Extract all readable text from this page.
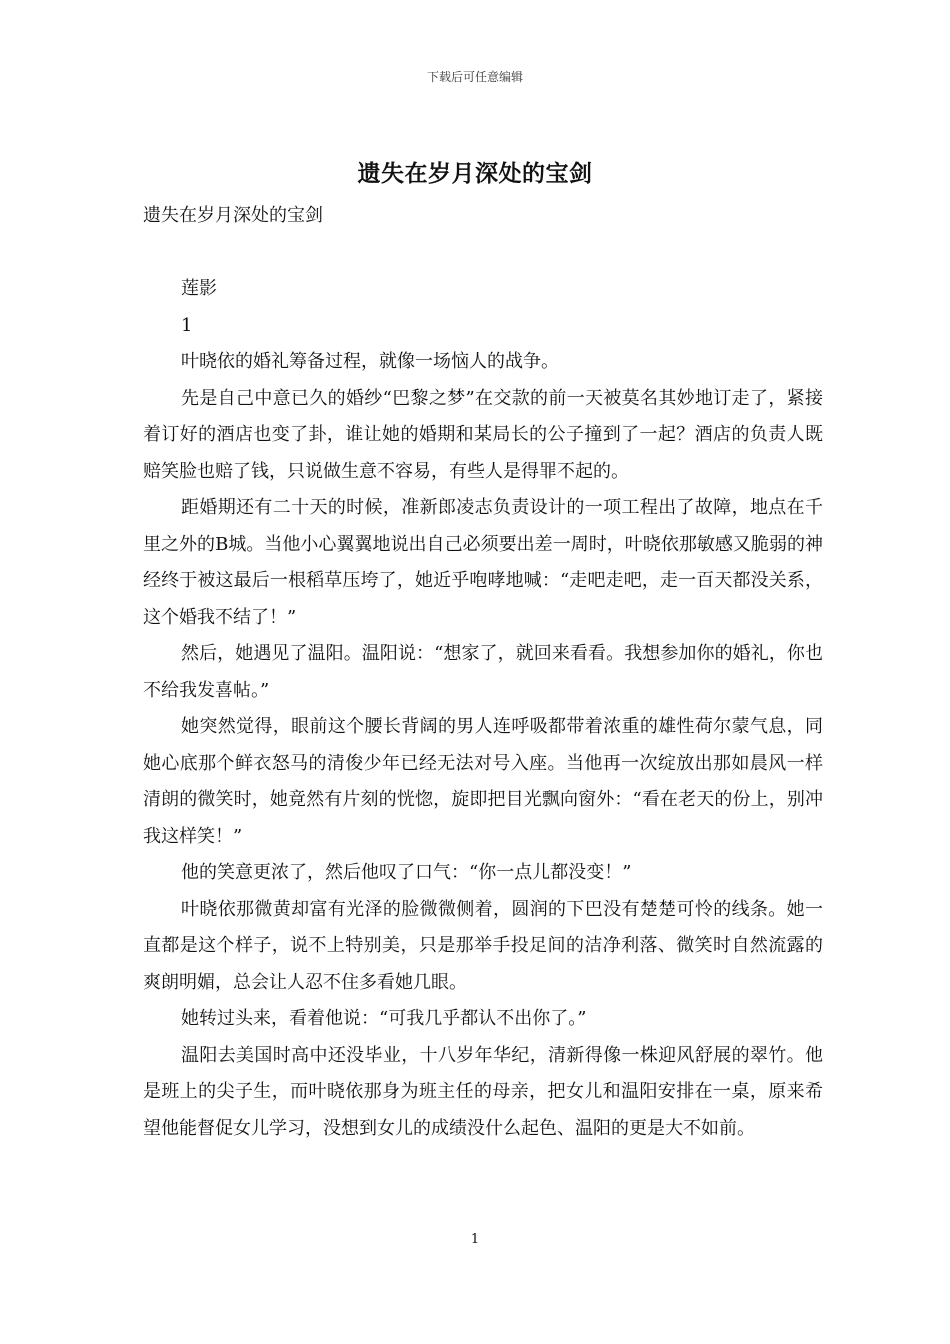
下载后可任意编辑
遗失在岁月深处的宝剑

遗失在岁月深处的宝剑

莲影

1

叶晓依的婚礼筹备过程，就像一场恼人的战争。

先是自己中意已久的婚纱“巴黎之梦”在交款的前一天被莫名其妙地订走了，紧接着订好的酒店也变了卦，谁让她的婚期和某局长的公子撞到了一起？酒店的负责人既赔笑脸也赔了钱，只说做生意不容易，有些人是得罪不起的。

距婚期还有二十天的时候，准新郎凌志负责设计的一项工程出了故障，地点在千里之外的B城。当他小心翼翼地说出自己必须要出差一周时，叶晓依那敏感又脆弱的神经终于被这最后一根稻草压垮了，她近乎咆哮地喊：“走吧走吧，走一百天都没关系，这个婚我不结了！”

然后，她遇见了温阳。温阳说：“想家了，就回来看看。我想参加你的婚礼，你也不给我发喜帖。”

她突然觉得，眼前这个腰长背阔的男人连呼吸都带着浓重的雄性荷尔蒙气息，同她心底那个鲜衣怒马的清俊少年已经无法对号入座。当他再一次绽放出那如晨风一样清朗的微笑时，她竟然有片刻的恍惚，旋即把目光飘向窗外：“看在老天的份上，别冲我这样笑！”

他的笑意更浓了，然后他叹了口气：“你一点儿都没变！”

叶晓依那微黄却富有光泽的脸微微侧着，圆润的下巴没有楚楚可怜的线条。她一直都是这个样子，说不上特别美，只是那举手投足间的洁净利落、微笑时自然流露的爽朗明媚，总会让人忍不住多看她几眼。

她转过头来，看着他说：“可我几乎都认不出你了。”

温阳去美国时高中还没毕业，十八岁年华纪，清新得像一株迎风舒展的翠竹。他是班上的尖子生，而叶晓依那身为班主任的母亲，把女儿和温阳安排在一桌，原来希望他能督促女儿学习，没想到女儿的成绩没什么起色、温阳的更是大不如前。

1
